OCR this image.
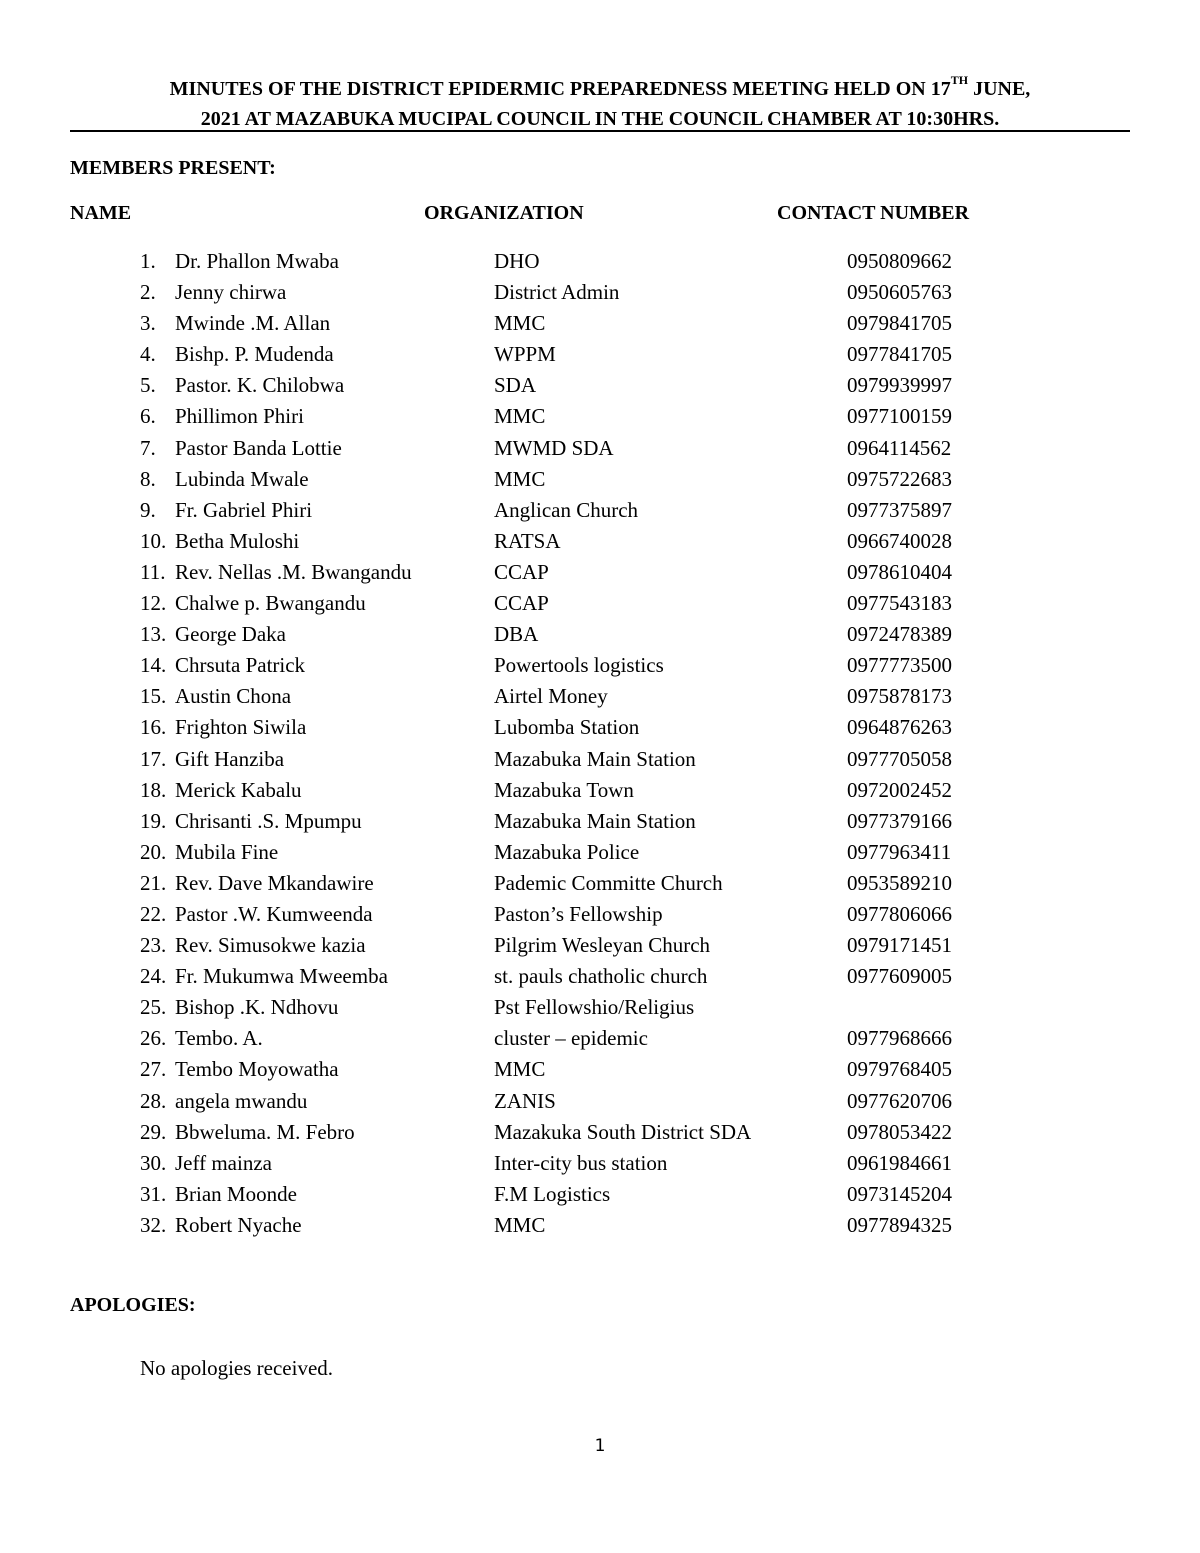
MINUTES OF THE DISTRICT EPIDERMIC PREPAREDNESS MEETING HELD ON 17TH JUNE,
2021 AT MAZABUKA MUCIPAL COUNCIL IN THE COUNCIL CHAMBER AT 10:30HRS.
MEMBERS PRESENT:
NAME	ORGANIZATION	CONTACT NUMBER
1. Dr. Phallon Mwaba	DHO	0950809662
2. Jenny chirwa	District Admin	0950605763
3. Mwinde .M. Allan	MMC	0979841705
4. Bishp. P. Mudenda	WPPM	0977841705
5. Pastor. K. Chilobwa	SDA	0979939997
6. Phillimon Phiri	MMC	0977100159
7. Pastor Banda Lottie	MWMD SDA	0964114562
8. Lubinda Mwale	MMC	0975722683
9. Fr. Gabriel Phiri	Anglican Church	0977375897
10. Betha Muloshi	RATSA	0966740028
11. Rev. Nellas .M. Bwangandu	CCAP	0978610404
12. Chalwe p. Bwangandu	CCAP	0977543183
13. George Daka	DBA	0972478389
14. Chrsuta Patrick	Powertools logistics	0977773500
15. Austin Chona	Airtel Money	0975878173
16. Frighton Siwila	Lubomba Station	0964876263
17. Gift Hanziba	Mazabuka Main Station	0977705058
18. Merick Kabalu	Mazabuka Town	0972002452
19. Chrisanti .S. Mpumpu	Mazabuka Main Station	0977379166
20. Mubila Fine	Mazabuka Police	0977963411
21. Rev. Dave Mkandawire	Pademic Committe Church	0953589210
22. Pastor .W. Kumweenda	Paston’s Fellowship	0977806066
23. Rev. Simusokwe kazia	Pilgrim Wesleyan Church	0979171451
24. Fr. Mukumwa Mweemba	st. pauls chatholic church	0977609005
25. Bishop .K. Ndhovu	Pst Fellowshio/Religius
26. Tembo. A.	cluster – epidemic	0977968666
27. Tembo Moyowatha	MMC	0979768405
28. angela mwandu	ZANIS	0977620706
29. Bbweluma. M. Febro	Mazakuka South District SDA	0978053422
30. Jeff mainza	Inter-city bus station	0961984661
31. Brian Moonde	F.M Logistics	0973145204
32. Robert Nyache	MMC	0977894325
APOLOGIES:
No apologies received.
1
